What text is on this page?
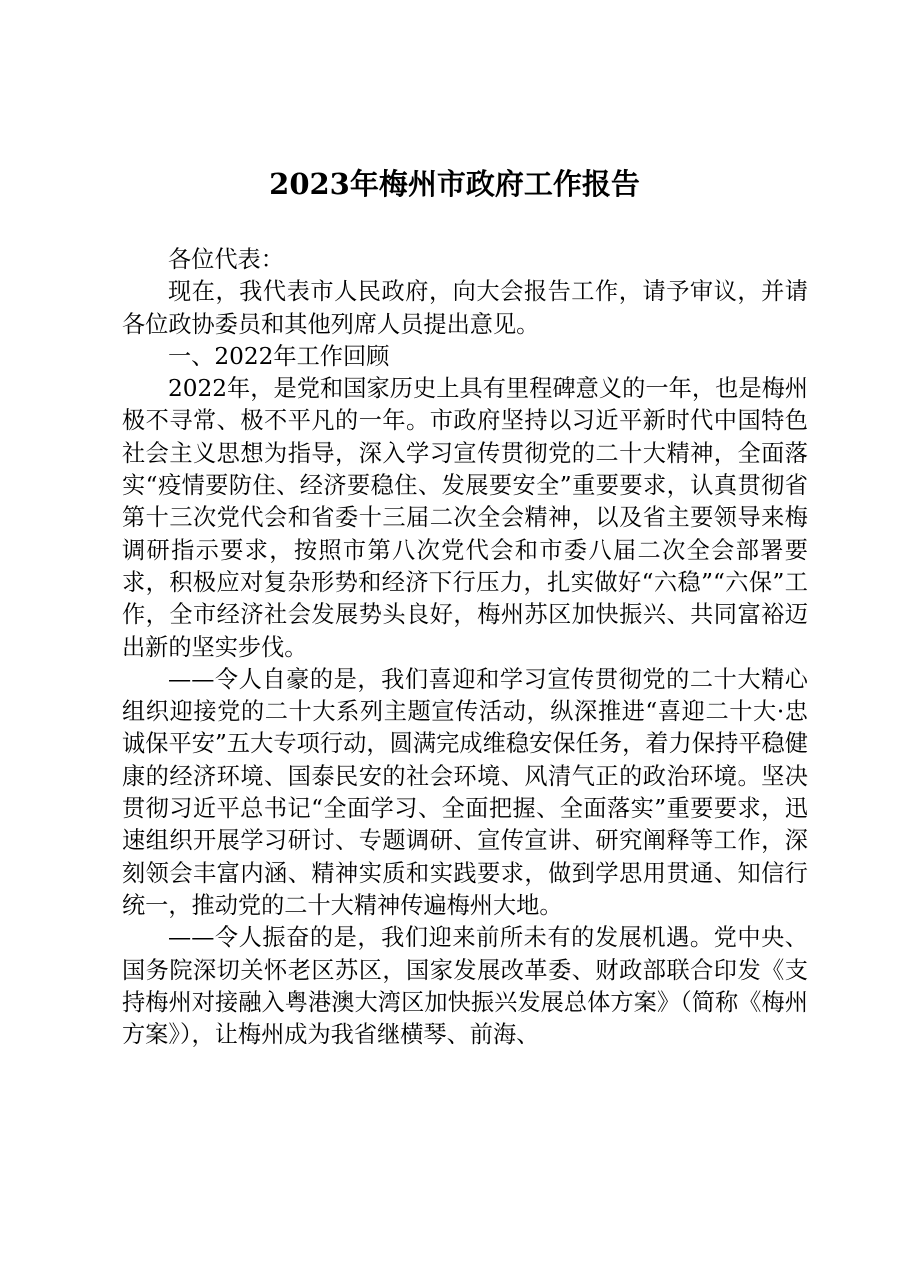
2023年梅州市政府工作报告

各位代表：

现在，我代表市人民政府，向大会报告工作，请予审议，并请各位政协委员和其他列席人员提出意见。

一、2022年工作回顾

2022年，是党和国家历史上具有里程碑意义的一年，也是梅州极不寻常、极不平凡的一年。市政府坚持以习近平新时代中国特色社会主义思想为指导，深入学习宣传贯彻党的二十大精神，全面落实“疫情要防住、经济要稳住、发展要安全”重要要求，认真贯彻省第十三次党代会和省委十三届二次全会精神，以及省主要领导来梅调研指示要求，按照市第八次党代会和市委八届二次全会部署要求，积极应对复杂形势和经济下行压力，扎实做好“六稳”“六保”工作，全市经济社会发展势头良好，梅州苏区加快振兴、共同富裕迈出新的坚实步伐。

——令人自豪的是，我们喜迎和学习宣传贯彻党的二十大精心组织迎接党的二十大系列主题宣传活动，纵深推进“喜迎二十大·忠诚保平安”五大专项行动，圆满完成维稳安保任务，着力保持平稳健康的经济环境、国泰民安的社会环境、风清气正的政治环境。坚决贯彻习近平总书记“全面学习、全面把握、全面落实”重要要求，迅速组织开展学习研讨、专题调研、宣传宣讲、研究阐释等工作，深刻领会丰富内涵、精神实质和实践要求，做到学思用贯通、知信行统一，推动党的二十大精神传遍梅州大地。

——令人振奋的是，我们迎来前所未有的发展机遇。党中央、国务院深切关怀老区苏区，国家发展改革委、财政部联合印发《支持梅州对接融入粤港澳大湾区加快振兴发展总体方案》（简称《梅州方案》），让梅州成为我省继横琴、前海、
